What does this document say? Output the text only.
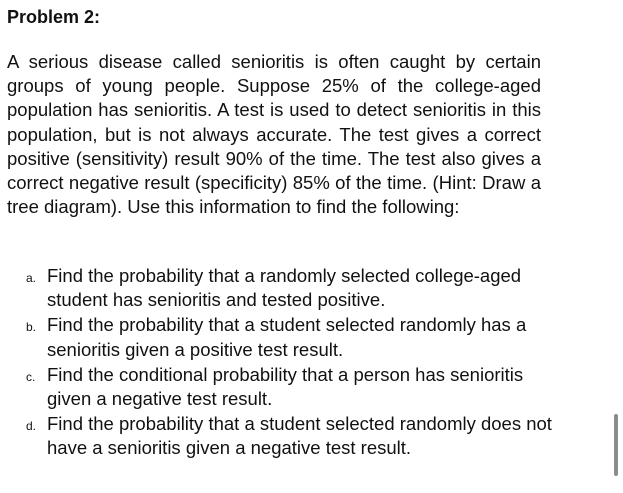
Problem 2:
A serious disease called senioritis is often caught by certain groups of young people. Suppose 25% of the college-aged population has senioritis. A test is used to detect senioritis in this population, but is not always accurate. The test gives a correct positive (sensitivity) result 90% of the time. The test also gives a correct negative result (specificity) 85% of the time. (Hint: Draw a tree diagram). Use this information to find the following:
a. Find the probability that a randomly selected college-aged student has senioritis and tested positive.
b. Find the probability that a student selected randomly has a senioritis given a positive test result.
c. Find the conditional probability that a person has senioritis given a negative test result.
d. Find the probability that a student selected randomly does not have a senioritis given a negative test result.
